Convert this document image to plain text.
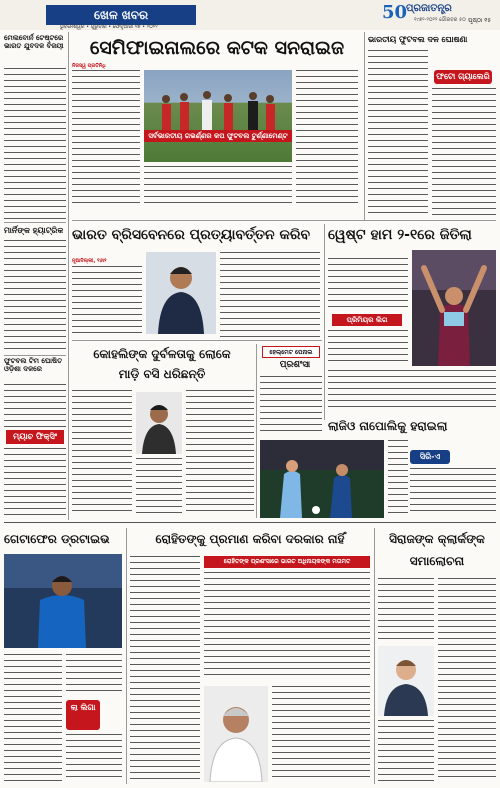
ଖେଳ ଖବର	50
ପ୍ରଜାତନ୍ତ୍ର
୧୯୭୨-୨୦୨୨ ଗୌରବର ୫୦ ପୃଷ୍ଠା ୧୫
ଭୁବନେଶ୍ୱର • ଗୁରୁବାର • ଫେବୃଆରୀ ୧୭ • ୨୦୨୨
ମେଲବୋର୍ନ ଟେଷ୍ଟରେ ଭାରତ ଯୁବଦଳ ବିଜୟୀ
ମାର୍ନିଙ୍କ ହ୍ୟାଟ୍ରିକ
ଫୁଟବଲ ଟିମ ଘୋଷିତ ଓଡ଼ିଶା ଦଳରେ
ମ୍ୟାଚ ଫିକ୍ସିଂ
ସେମିଫାଇନାଲରେ କଟକ ସନରାଇଜ
ସର୍ବଭାରତୀୟ ଗଭର୍ଣ୍ଣର କପ ଫୁଟବଲ ଟୁର୍ଣ୍ଣାମେଣ୍ଟ
ନିଜସ୍ୱ ପ୍ରତିନିଧି
ଭାରତୀୟ ଫୁଟବଲ ଦଳ ଘୋଷଣା
ଫଟୋ ଗ୍ୟାଲେରି
ଭାରତ ବ୍ରିସବେନରେ ପ୍ରତ୍ୟାବର୍ତ୍ତନ କରିବ
ନୂଆଦିଲ୍ଲୀ, ୧୬ା୨
ୱେଷ୍ଟ ହାମ ୨-୧ରେ ଜିତିଲା
ପ୍ରିମିୟର ଲିଗ
କୋହଲିଙ୍କ ଦୁର୍ବଳତାକୁ ଲୋକେ
ମାଡ଼ି ବସି ଧରିଛନ୍ତି
ହେଲ୍ମେଟ ପେନାଲ
ପ୍ରଶଂସା
ଲାଜିଓ ନାପୋଲିକୁ ହରାଇଲା
ସିରି-ଏ
ଗେଟାଫେର ଡ୍ରଟାଇଭ
ଲା ଲିଗା
ରୋହିତଙ୍କୁ ପ୍ରମାଣ କରିବା ଦରକାର ନାହିଁ
ରୋହିତଙ୍କ ପ୍ରଶଂସାରେ ଭାରତ ଅଧିନାୟକଙ୍କ ମତାମତ
ସିରାଜଙ୍କ କ୍ଲାର୍କଙ୍କ
ସମାଲୋଚନା
